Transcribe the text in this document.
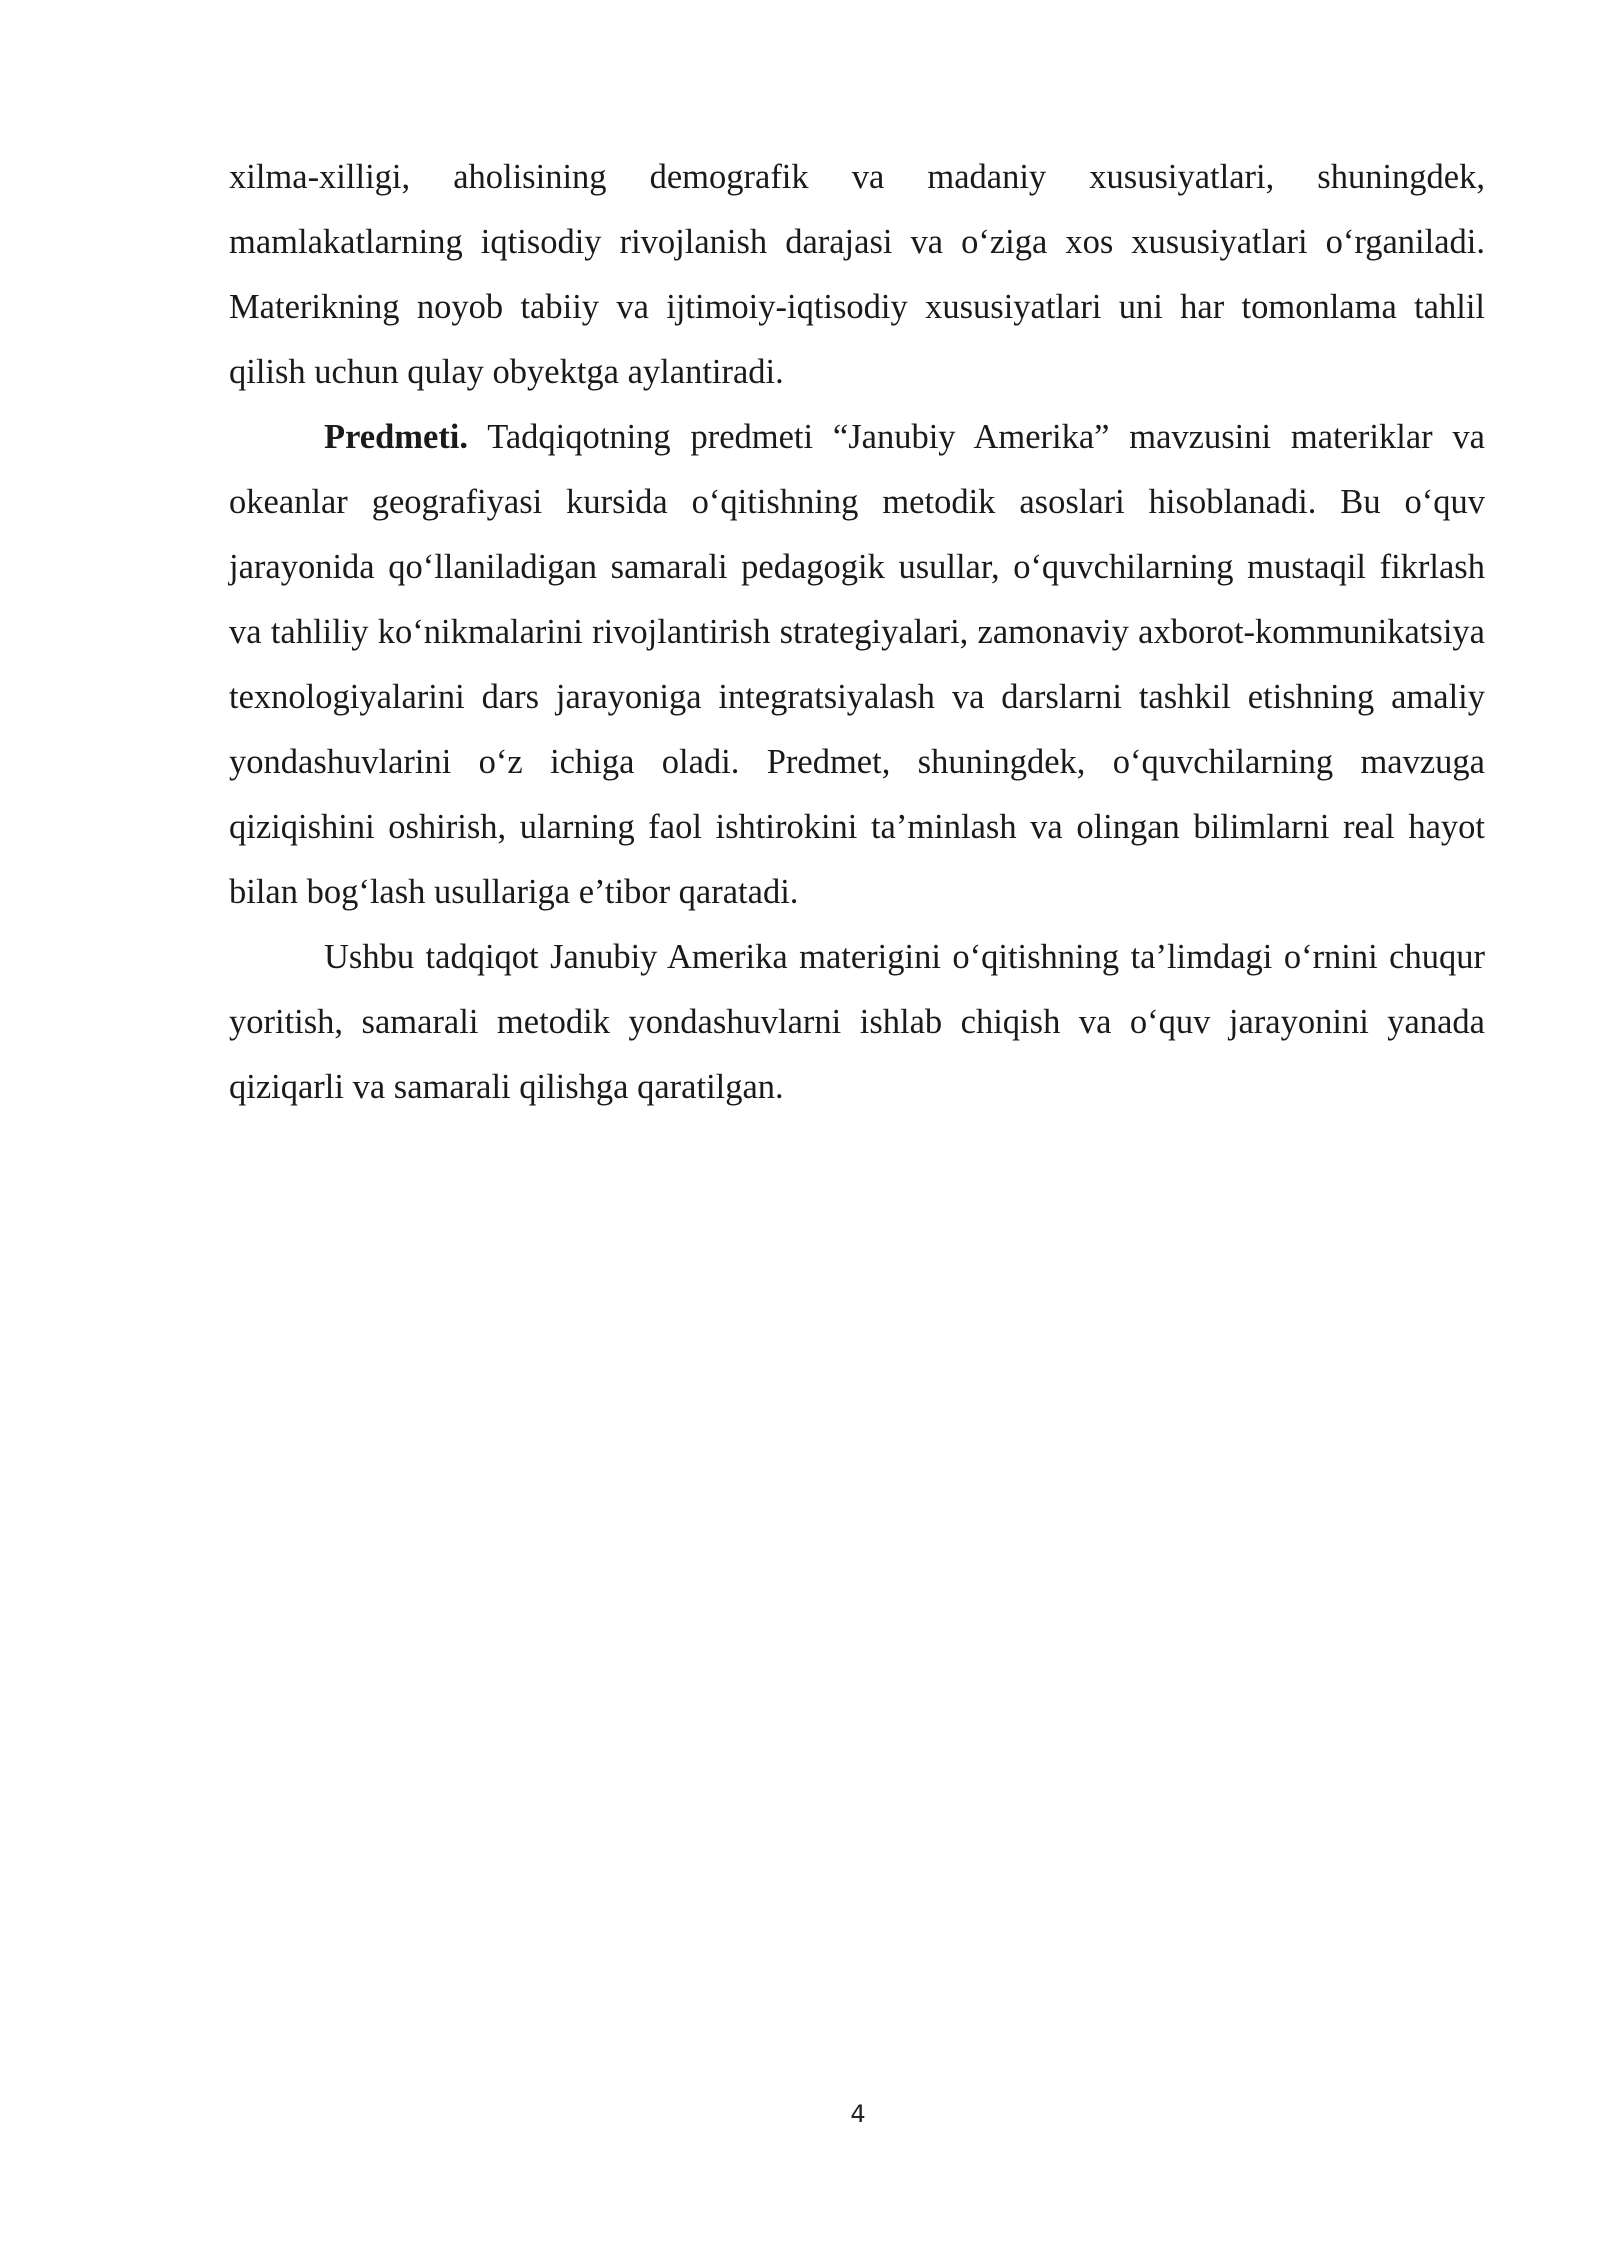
xilma-xilligi, aholisining demografik va madaniy xususiyatlari, shuningdek, mamlakatlarning iqtisodiy rivojlanish darajasi va o‘ziga xos xususiyatlari o‘rganiladi. Materikning noyob tabiiy va ijtimoiy-iqtisodiy xususiyatlari uni har tomonlama tahlil qilish uchun qulay obyektga aylantiradi.

Predmeti. Tadqiqotning predmeti “Janubiy Amerika” mavzusini materiklar va okeanlar geografiyasi kursida o‘qitishning metodik asoslari hisoblanadi. Bu o‘quv jarayonida qo‘llaniladigan samarali pedagogik usullar, o‘quvchilarning mustaqil fikrlash va tahliliy ko‘nikmalarini rivojlantirish strategiyalari, zamonaviy axborot-kommunikatsiya texnologiyalarini dars jarayoniga integratsiyalash va darslarni tashkil etishning amaliy yondashuvlarini o‘z ichiga oladi. Predmet, shuningdek, o‘quvchilarning mavzuga qiziqishini oshirish, ularning faol ishtirokini ta’minlash va olingan bilimlarni real hayot bilan bog‘lash usullariga e’tibor qaratadi.

Ushbu tadqiqot Janubiy Amerika materigini o‘qitishning ta’limdagi o‘rnini chuqur yoritish, samarali metodik yondashuvlarni ishlab chiqish va o‘quv jarayonini yanada qiziqarli va samarali qilishga qaratilgan.

4
